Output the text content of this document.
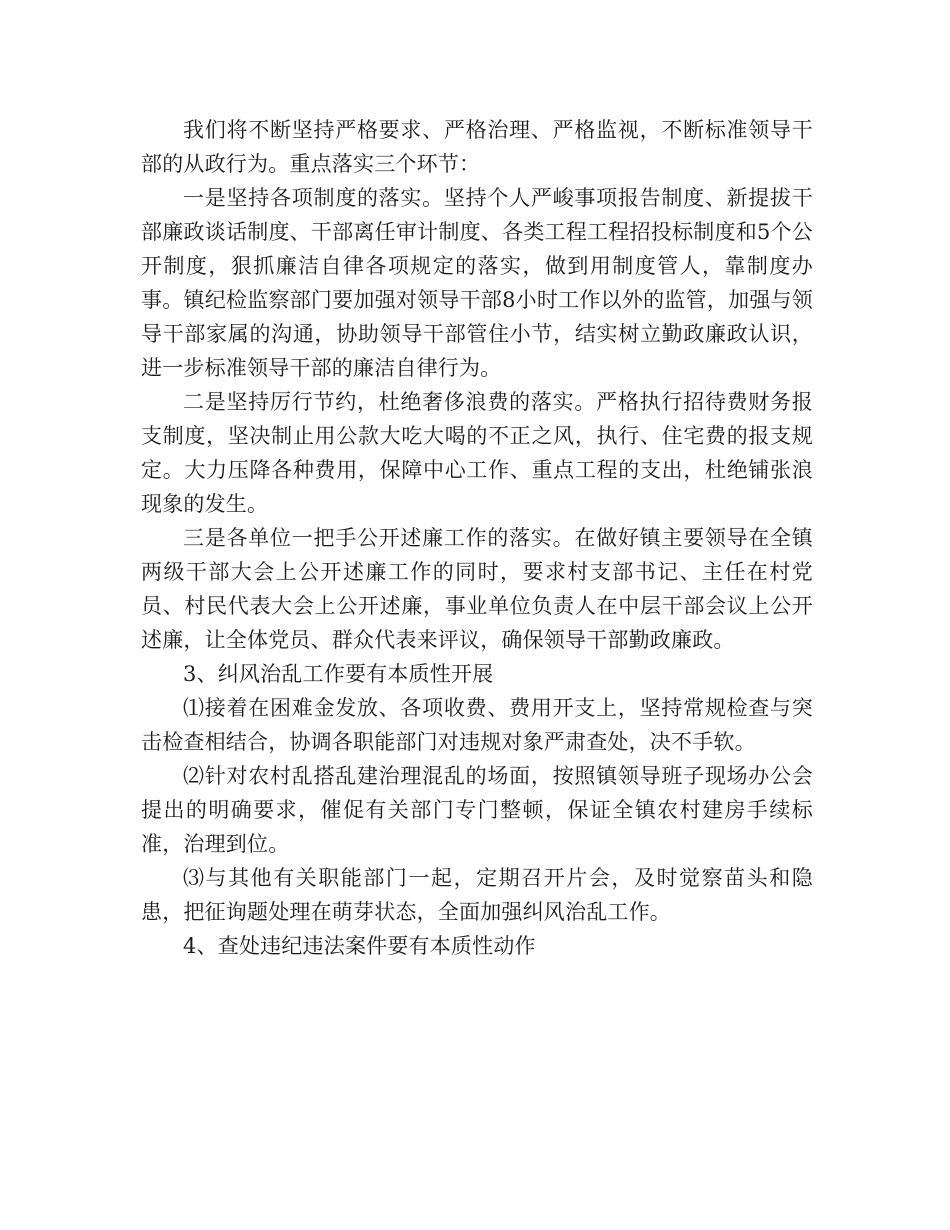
我们将不断坚持严格要求、严格治理、严格监视，不断标准领导干部的从政行为。重点落实三个环节：

一是坚持各项制度的落实。坚持个人严峻事项报告制度、新提拔干部廉政谈话制度、干部离任审计制度、各类工程工程招投标制度和5个公开制度，狠抓廉洁自律各项规定的落实，做到用制度管人，靠制度办事。镇纪检监察部门要加强对领导干部8小时工作以外的监管，加强与领导干部家属的沟通，协助领导干部管住小节，结实树立勤政廉政认识，进一步标准领导干部的廉洁自律行为。

二是坚持厉行节约，杜绝奢侈浪费的落实。严格执行招待费财务报支制度，坚决制止用公款大吃大喝的不正之风，执行、住宅费的报支规定。大力压降各种费用，保障中心工作、重点工程的支出，杜绝铺张浪现象的发生。

三是各单位一把手公开述廉工作的落实。在做好镇主要领导在全镇两级干部大会上公开述廉工作的同时，要求村支部书记、主任在村党员、村民代表大会上公开述廉，事业单位负责人在中层干部会议上公开述廉，让全体党员、群众代表来评议，确保领导干部勤政廉政。

3、纠风治乱工作要有本质性开展

⑴接着在困难金发放、各项收费、费用开支上，坚持常规检查与突击检查相结合，协调各职能部门对违规对象严肃查处，决不手软。

⑵针对农村乱搭乱建治理混乱的场面，按照镇领导班子现场办公会提出的明确要求，催促有关部门专门整顿，保证全镇农村建房手续标准，治理到位。

⑶与其他有关职能部门一起，定期召开片会，及时觉察苗头和隐患，把征询题处理在萌芽状态，全面加强纠风治乱工作。

4、查处违纪违法案件要有本质性动作
